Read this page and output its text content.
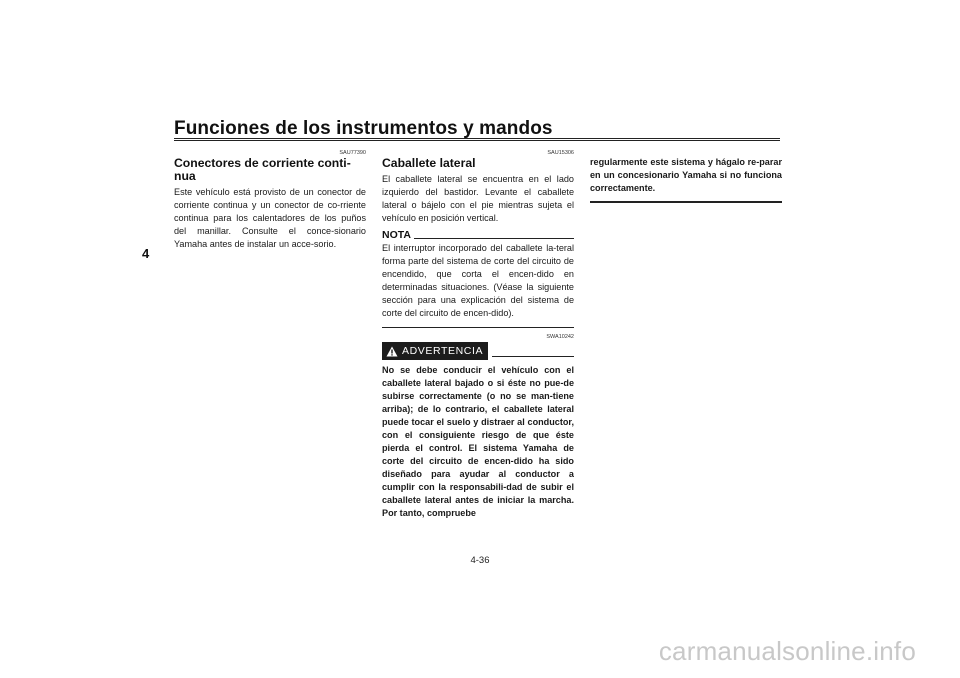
Funciones de los instrumentos y mandos
4
SAU77390
Conectores de corriente conti-
nua

Este vehículo está provisto de un conector de corriente continua y un conector de co-rriente continua para los calentadores de los puños del manillar. Consulte el conce-sionario Yamaha antes de instalar un acce-sorio.

SAU15306
Caballete lateral

El caballete lateral se encuentra en el lado izquierdo del bastidor. Levante el caballete lateral o bájelo con el pie mientras sujeta el vehículo en posición vertical.

NOTA

El interruptor incorporado del caballete la-teral forma parte del sistema de corte del circuito de encendido, que corta el encen-dido en determinadas situaciones. (Véase la siguiente sección para una explicación del sistema de corte del circuito de encen-dido).

SWA10242
ADVERTENCIA

No se debe conducir el vehículo con el caballete lateral bajado o si éste no pue-de subirse correctamente (o no se man-tiene arriba); de lo contrario, el caballete lateral puede tocar el suelo y distraer al conductor, con el consiguiente riesgo de que éste pierda el control. El sistema Yamaha de corte del circuito de encen-dido ha sido diseñado para ayudar al conductor a cumplir con la responsabili-dad de subir el caballete lateral antes de iniciar la marcha. Por tanto, compruebe

regularmente este sistema y hágalo re-parar en un concesionario Yamaha si no funciona correctamente.

4-36
carmanualsonline.info
